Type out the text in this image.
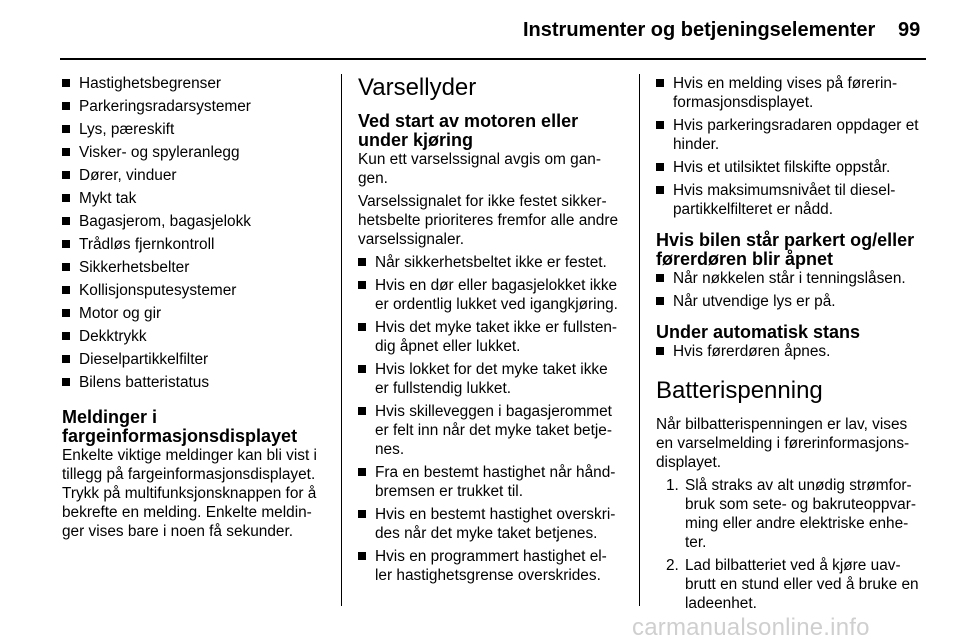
Instrumenter og betjeningselementer 99
Hastighetsbegrenser
Parkeringsradarsystemer
Lys, pæreskift
Visker- og spyleranlegg
Dører, vinduer
Mykt tak
Bagasjerom, bagasjelokk
Trådløs fjernkontroll
Sikkerhetsbelter
Kollisjonsputesystemer
Motor og gir
Dekktrykk
Dieselpartikkelfilter
Bilens batteristatus
Meldinger i fargeinformasjonsdisplayet

Enkelte viktige meldinger kan bli vist i tillegg på fargeinformasjonsdisplayet. Trykk på multifunksjonsknappen for å bekrefte en melding. Enkelte meldin-ger vises bare i noen få sekunder.

Varsellyder
Ved start av motoren eller under kjøring

Kun ett varselssignal avgis om gan-gen.

Varselssignalet for ikke festet sikker-hetsbelte prioriteres fremfor alle andre varselssignaler.

Når sikkerhetsbeltet ikke er festet.
Hvis en dør eller bagasjelokket ikke er ordentlig lukket ved igangkjøring.
Hvis det myke taket ikke er fullsten-dig åpnet eller lukket.
Hvis lokket for det myke taket ikke er fullstendig lukket.
Hvis skilleveggen i bagasjerommet er felt inn når det myke taket betje-nes.
Fra en bestemt hastighet når hånd-bremsen er trukket til.
Hvis en bestemt hastighet overskri-des når det myke taket betjenes.
Hvis en programmert hastighet el-ler hastighetsgrense overskrides.
Hvis en melding vises på førerin-formasjonsdisplayet.
Hvis parkeringsradaren oppdager et hinder.
Hvis et utilsiktet filskifte oppstår.
Hvis maksimumsnivået til diesel-partikkelfilteret er nådd.
Hvis bilen står parkert og/eller førerdøren blir åpnet
Når nøkkelen står i tenningslåsen.
Når utvendige lys er på.
Under automatisk stans
Hvis førerdøren åpnes.
Batterispenning

Når bilbatterispenningen er lav, vises en varselmelding i førerinformasjons-displayet.

1. Slå straks av alt unødig strømfor-bruk som sete- og bakruteoppvar-ming eller andre elektriske enhe-ter.
2. Lad bilbatteriet ved å kjøre uav-brutt en stund eller ved å bruke en ladeenhet.
carmanualsonline.info
